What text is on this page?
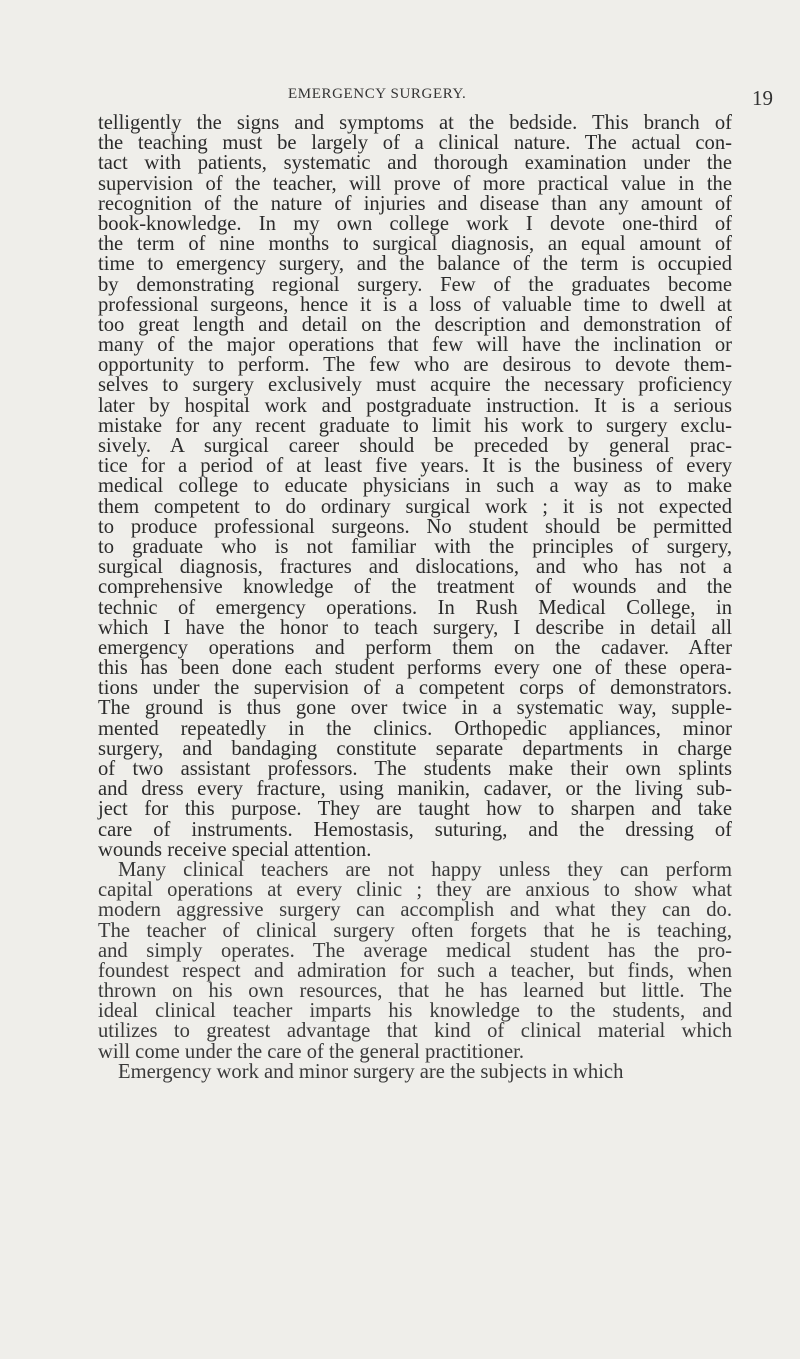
EMERGENCY SURGERY.	19
telligently the signs and symptoms at the bedside. This branch of
the teaching must be largely of a clinical nature. The actual con-
tact with patients, systematic and thorough examination under the
supervision of the teacher, will prove of more practical value in the
recognition of the nature of injuries and disease than any amount of
book-knowledge. In my own college work I devote one-third of
the term of nine months to surgical diagnosis, an equal amount of
time to emergency surgery, and the balance of the term is occupied
by demonstrating regional surgery. Few of the graduates become
professional surgeons, hence it is a loss of valuable time to dwell at
too great length and detail on the description and demonstration of
many of the major operations that few will have the inclination or
opportunity to perform. The few who are desirous to devote them-
selves to surgery exclusively must acquire the necessary proficiency
later by hospital work and postgraduate instruction. It is a serious
mistake for any recent graduate to limit his work to surgery exclu-
sively. A surgical career should be preceded by general prac-
tice for a period of at least five years. It is the business of every
medical college to educate physicians in such a way as to make
them competent to do ordinary surgical work ; it is not expected
to produce professional surgeons. No student should be permitted
to graduate who is not familiar with the principles of surgery,
surgical diagnosis, fractures and dislocations, and who has not a
comprehensive knowledge of the treatment of wounds and the
technic of emergency operations. In Rush Medical College, in
which I have the honor to teach surgery, I describe in detail all
emergency operations and perform them on the cadaver. After
this has been done each student performs every one of these opera-
tions under the supervision of a competent corps of demonstrators.
The ground is thus gone over twice in a systematic way, supple-
mented repeatedly in the clinics. Orthopedic appliances, minor
surgery, and bandaging constitute separate departments in charge
of two assistant professors. The students make their own splints
and dress every fracture, using manikin, cadaver, or the living sub-
ject for this purpose. They are taught how to sharpen and take
care of instruments. Hemostasis, suturing, and the dressing of
wounds receive special attention.
Many clinical teachers are not happy unless they can perform
capital operations at every clinic ; they are anxious to show what
modern aggressive surgery can accomplish and what they can do.
The teacher of clinical surgery often forgets that he is teaching,
and simply operates. The average medical student has the pro-
foundest respect and admiration for such a teacher, but finds, when
thrown on his own resources, that he has learned but little. The
ideal clinical teacher imparts his knowledge to the students, and
utilizes to greatest advantage that kind of clinical material which
will come under the care of the general practitioner.
Emergency work and minor surgery are the subjects in which
